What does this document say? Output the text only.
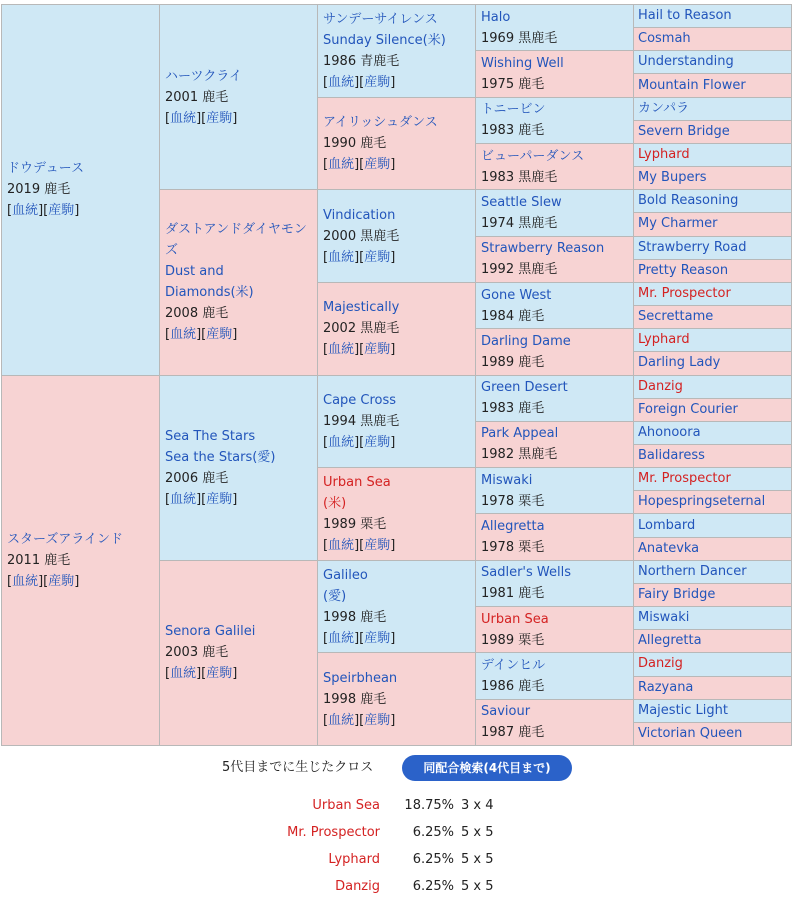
ドウデュース
2019 鹿毛
[血統][産駒]	ハーツクライ
2001 鹿毛
[血統][産駒]	サンデーサイレンス
Sunday Silence(米)
1986 青鹿毛
[血統][産駒]	Halo
1969 黒鹿毛	Hail to Reason

				Cosmah

			Wishing Well
1975 鹿毛	Understanding

				Mountain Flower

		アイリッシュダンス
1990 鹿毛
[血統][産駒]	トニービン
1983 鹿毛	カンパラ

				Severn Bridge

			ビューパーダンス
1983 黒鹿毛	Lyphard

				My Bupers

	ダストアンドダイヤモンズ
Dust and Diamonds(米)
2008 鹿毛
[血統][産駒]	Vindication
2000 黒鹿毛
[血統][産駒]	Seattle Slew
1974 黒鹿毛	Bold Reasoning

				My Charmer

			Strawberry Reason
1992 黒鹿毛	Strawberry Road

				Pretty Reason

		Majestically
2002 黒鹿毛
[血統][産駒]	Gone West
1984 鹿毛	Mr. Prospector

				Secrettame

			Darling Dame
1989 鹿毛	Lyphard

				Darling Lady

スターズアラインド
2011 鹿毛
[血統][産駒]	Sea The Stars
Sea the Stars(愛)
2006 鹿毛
[血統][産駒]	Cape Cross
1994 黒鹿毛
[血統][産駒]	Green Desert
1983 鹿毛	Danzig

				Foreign Courier

			Park Appeal
1982 黒鹿毛	Ahonoora

				Balidaress

		Urban Sea
(米)
1989 栗毛
[血統][産駒]	Miswaki
1978 栗毛	Mr. Prospector

				Hopespringseternal

			Allegretta
1978 栗毛	Lombard

				Anatevka

	Senora Galilei
2003 鹿毛
[血統][産駒]	Galileo
(愛)
1998 鹿毛
[血統][産駒]	Sadler's Wells
1981 鹿毛	Northern Dancer

				Fairy Bridge

			Urban Sea
1989 栗毛	Miswaki

				Allegretta

		Speirbhean
1998 鹿毛
[血統][産駒]	デインヒル
1986 鹿毛	Danzig

				Razyana

			Saviour
1987 鹿毛	Majestic Light

				Victorian Queen
5代目までに生じたクロス	同配合検索(4代目まで)
Urban Sea	18.75% 3 x 4
Mr. Prospector	6.25% 5 x 5
Lyphard	6.25% 5 x 5
Danzig	6.25% 5 x 5
